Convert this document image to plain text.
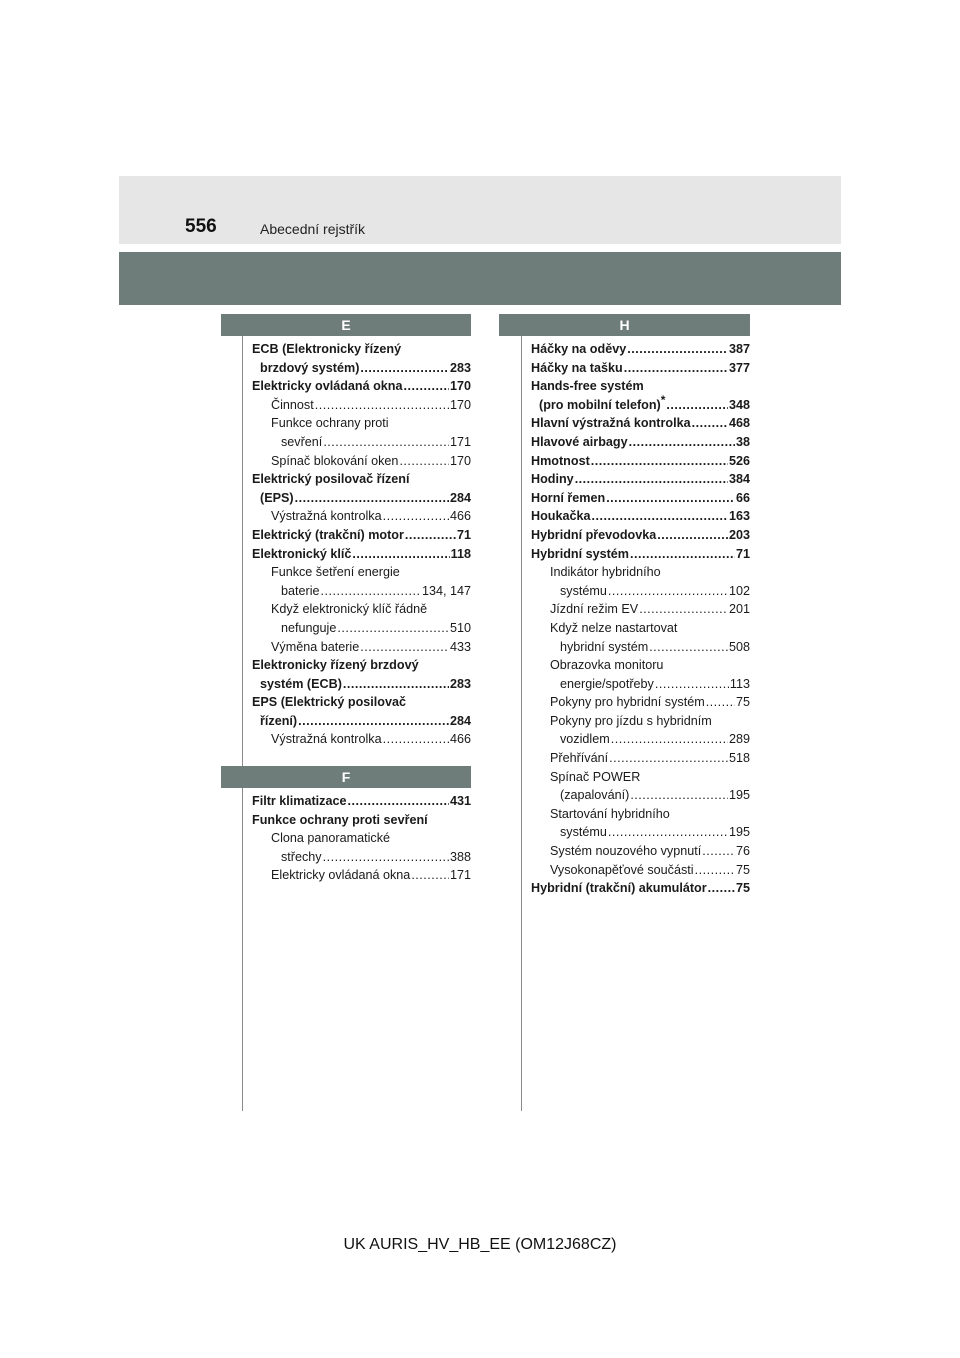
556	Abecední rejstřík
E
ECB (Elektronicky řízený
brzdový systém) .....	283
Elektricky ovládaná okna .....	170
Činnost .....	170
Funkce ochrany proti
sevření .....	171
Spínač blokování oken .....	170
Elektrický posilovač řízení
(EPS) .....	284
Výstražná kontrolka .....	466
Elektrický (trakční) motor .....	71
Elektronický klíč .....	118
Funkce šetření energie
baterie .....	134, 147
Když elektronický klíč řádně
nefunguje .....	510
Výměna baterie .....	433
Elektronicky řízený brzdový
systém (ECB) .....	283
EPS (Elektrický posilovač
řízení) .....	284
Výstražná kontrolka .....	466
F
Filtr klimatizace .....	431
Funkce ochrany proti sevření
Clona panoramatické
střechy .....	388
Elektricky ovládaná okna .....	171
H
Háčky na oděvy .....	387
Háčky na tašku .....	377
Hands-free systém
(pro mobilní telefon)* .....	348
Hlavní výstražná kontrolka .....	468
Hlavové airbagy .....	38
Hmotnost .....	526
Hodiny .....	384
Horní řemen .....	66
Houkačka .....	163
Hybridní převodovka .....	203
Hybridní systém .....	71
Indikátor hybridního
systému .....	102
Jízdní režim EV .....	201
Když nelze nastartovat
hybridní systém .....	508
Obrazovka monitoru
energie/spotřeby .....	113
Pokyny pro hybridní systém ..... 75
Pokyny pro jízdu s hybridním
vozidlem .....	289
Přehřívání .....	518
Spínač POWER
(zapalování) .....	195
Startování hybridního
systému .....	195
Systém nouzového vypnutí .....	76
Vysokonapěťové součásti .....	75
Hybridní (trakční) akumulátor ..... 75
UK AURIS_HV_HB_EE (OM12J68CZ)
